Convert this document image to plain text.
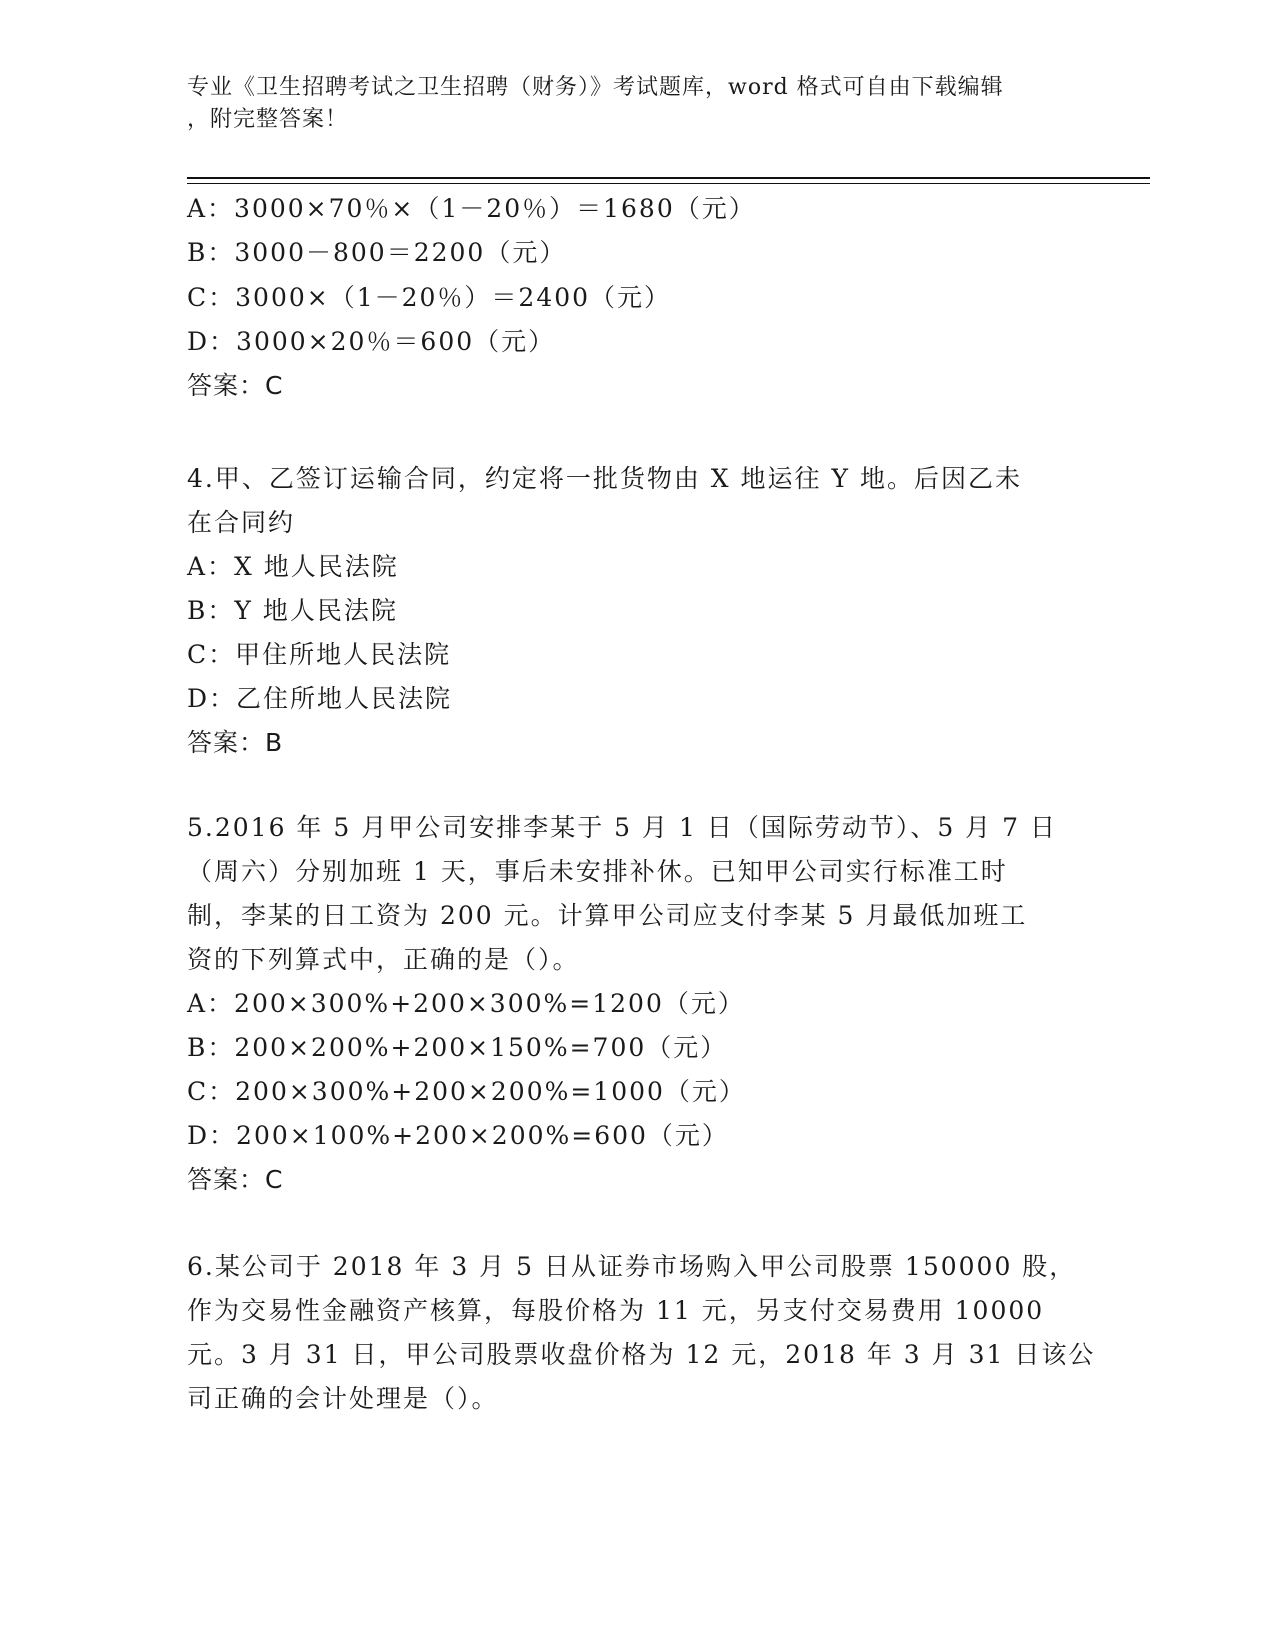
专业《卫生招聘考试之卫生招聘（财务）》考试题库，word 格式可自由下载编辑
，附完整答案！
A：3000×70％×（1－20％）＝1680（元）
B：3000－800＝2200（元）
C：3000×（1－20％）＝2400（元）
D：3000×20％＝600（元）
答案：C
4.甲、乙签订运输合同，约定将一批货物由 X 地运往 Y 地。后因乙未
在合同约
A：X 地人民法院
B：Y 地人民法院
C：甲住所地人民法院
D：乙住所地人民法院
答案：B
5.2016 年 5 月甲公司安排李某于 5 月 1 日（国际劳动节）、5 月 7 日
（周六）分别加班 1 天，事后未安排补休。已知甲公司实行标准工时
制，李某的日工资为 200 元。计算甲公司应支付李某 5 月最低加班工
资的下列算式中，正确的是（）。
A：200×300%+200×300%=1200（元）
B：200×200%+200×150%=700（元）
C：200×300%+200×200%=1000（元）
D：200×100%+200×200%=600（元）
答案：C
6.某公司于 2018 年 3 月 5 日从证券市场购入甲公司股票 150000 股，
作为交易性金融资产核算，每股价格为 11 元，另支付交易费用 10000
元。3 月 31 日，甲公司股票收盘价格为 12 元，2018 年 3 月 31 日该公
司正确的会计处理是（）。
